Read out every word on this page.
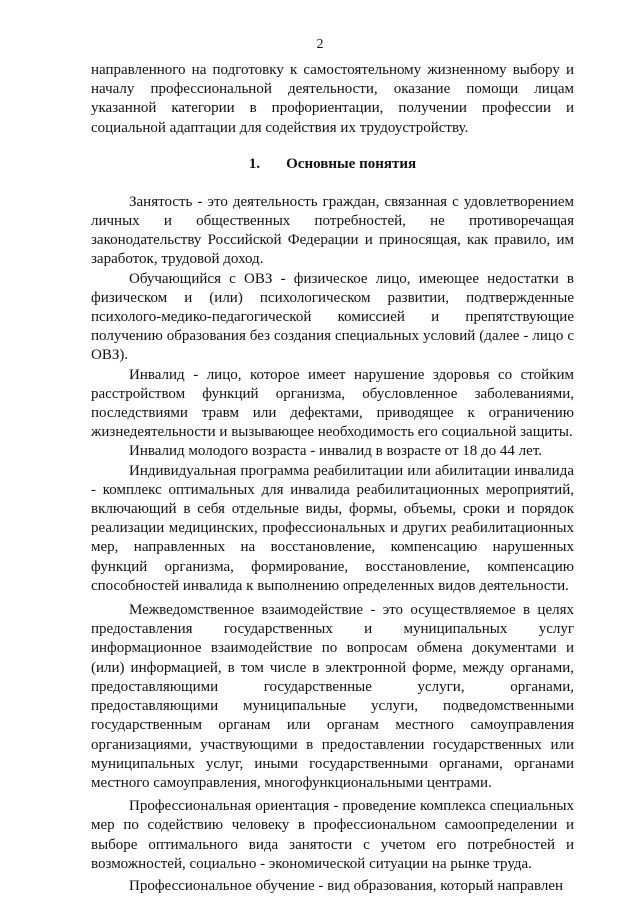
2

направленного на подготовку к самостоятельному жизненному выбору и началу профессиональной деятельности, оказание помощи лицам указанной категории в профориентации, получении профессии и социальной адаптации для содействия их трудоустройству.

1. Основные понятия

Занятость - это деятельность граждан, связанная с удовлетворением личных и общественных потребностей, не противоречащая законодательству Российской Федерации и приносящая, как правило, им заработок, трудовой доход.

Обучающийся с ОВЗ - физическое лицо, имеющее недостатки в физическом и (или) психологическом развитии, подтвержденные психолого-медико-педагогической комиссией и препятствующие получению образования без создания специальных условий (далее - лицо с ОВЗ).

Инвалид - лицо, которое имеет нарушение здоровья со стойким расстройством функций организма, обусловленное заболеваниями, последствиями травм или дефектами, приводящее к ограничению жизнедеятельности и вызывающее необходимость его социальной защиты.

Инвалид молодого возраста - инвалид в возрасте от 18 до 44 лет.

Индивидуальная программа реабилитации или абилитации инвалида - комплекс оптимальных для инвалида реабилитационных мероприятий, включающий в себя отдельные виды, формы, объемы, сроки и порядок реализации медицинских, профессиональных и других реабилитационных мер, направленных на восстановление, компенсацию нарушенных функций организма, формирование, восстановление, компенсацию способностей инвалида к выполнению определенных видов деятельности.

Межведомственное взаимодействие - это осуществляемое в целях предоставления государственных и муниципальных услуг информационное взаимодействие по вопросам обмена документами и (или) информацией, в том числе в электронной форме, между органами, предоставляющими государственные услуги, органами, предоставляющими муниципальные услуги, подведомственными государственным органам или органам местного самоуправления организациями, участвующими в предоставлении государственных или муниципальных услуг, иными государственными органами, органами местного самоуправления, многофункциональными центрами.

Профессиональная ориентация - проведение комплекса специальных мер по содействию человеку в профессиональном самоопределении и выборе оптимального вида занятости с учетом его потребностей и возможностей, социально - экономической ситуации на рынке труда.

Профессиональное обучение - вид образования, который направлен
